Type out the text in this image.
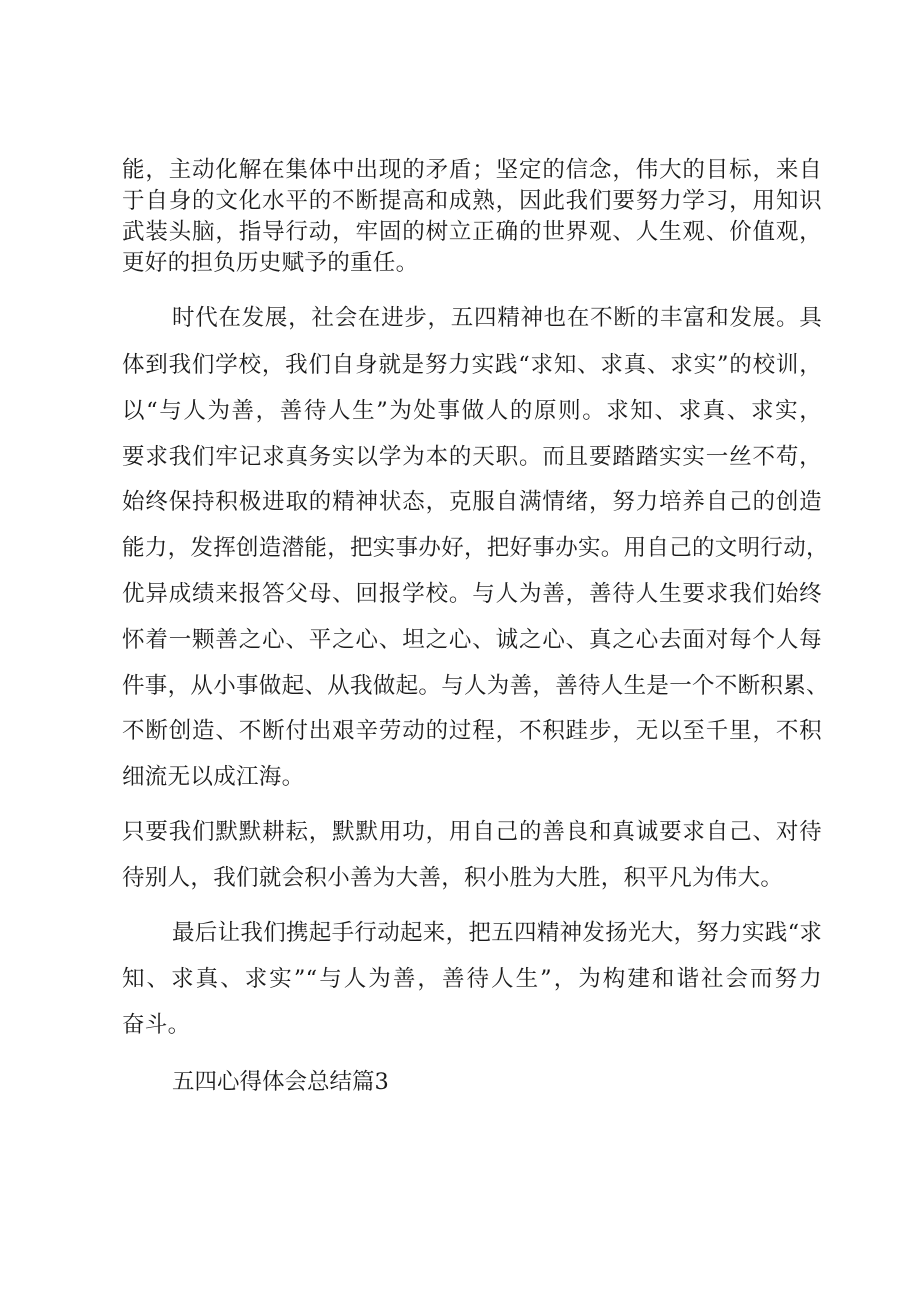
能，主动化解在集体中出现的矛盾；坚定的信念，伟大的目标，来自
于自身的文化水平的不断提高和成熟，因此我们要努力学习，用知识
武装头脑，指导行动，牢固的树立正确的世界观、人生观、价值观，
更好的担负历史赋予的重任。
时代在发展，社会在进步，五四精神也在不断的丰富和发展。具
体到我们学校，我们自身就是努力实践“求知、求真、求实”的校训，
以“与人为善，善待人生”为处事做人的原则。求知、求真、求实，
要求我们牢记求真务实以学为本的天职。而且要踏踏实实一丝不苟，
始终保持积极进取的精神状态，克服自满情绪，努力培养自己的创造
能力，发挥创造潜能，把实事办好，把好事办实。用自己的文明行动，
优异成绩来报答父母、回报学校。与人为善，善待人生要求我们始终
怀着一颗善之心、平之心、坦之心、诚之心、真之心去面对每个人每
件事，从小事做起、从我做起。与人为善，善待人生是一个不断积累、
不断创造、不断付出艰辛劳动的过程，不积跬步，无以至千里，不积
细流无以成江海。
只要我们默默耕耘，默默用功，用自己的善良和真诚要求自己、对待
待别人，我们就会积小善为大善，积小胜为大胜，积平凡为伟大。
最后让我们携起手行动起来，把五四精神发扬光大，努力实践“求
知、求真、求实”“与人为善，善待人生”，为构建和谐社会而努力
奋斗。
五四心得体会总结篇3
